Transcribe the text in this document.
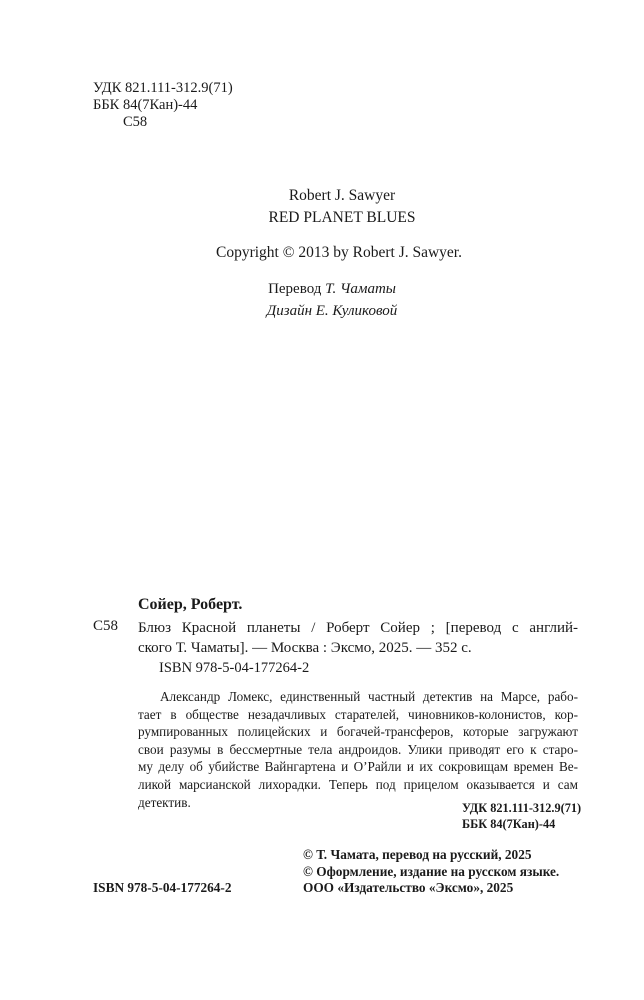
УДК 821.111-312.9(71)
ББК 84(7Кан)-44
С58
Robert J. Sawyer
RED PLANET BLUES
Copyright © 2013 by Robert J. Sawyer.
Перевод Т. Чаматы
Дизайн Е. Куликовой
Сойер, Роберт.
С58 Блюз Красной планеты / Роберт Сойер ; [перевод с англий-
ского Т. Чаматы]. — Москва : Эксмо, 2025. — 352 с.
ISBN 978-5-04-177264-2
Александр Ломекс, единственный частный детектив на Марсе, рабо-
тает в обществе незадачливых старателей, чиновников-колонистов, кор-
румпированных полицейских и богачей-трансферов, которые загружают
свои разумы в бессмертные тела андроидов. Улики приводят его к старо-
му делу об убийстве Вайнгартена и О’Райли и их сокровищам времен Ве-
ликой марсианской лихорадки. Теперь под прицелом оказывается и сам
детектив.	УДК 821.111-312.9(71)
ББК 84(7Кан)-44
© Т. Чамата, перевод на русский, 2025
© Оформление, издание на русском языке.
ООО «Издательство «Эксмо», 2025
ISBN 978-5-04-177264-2
